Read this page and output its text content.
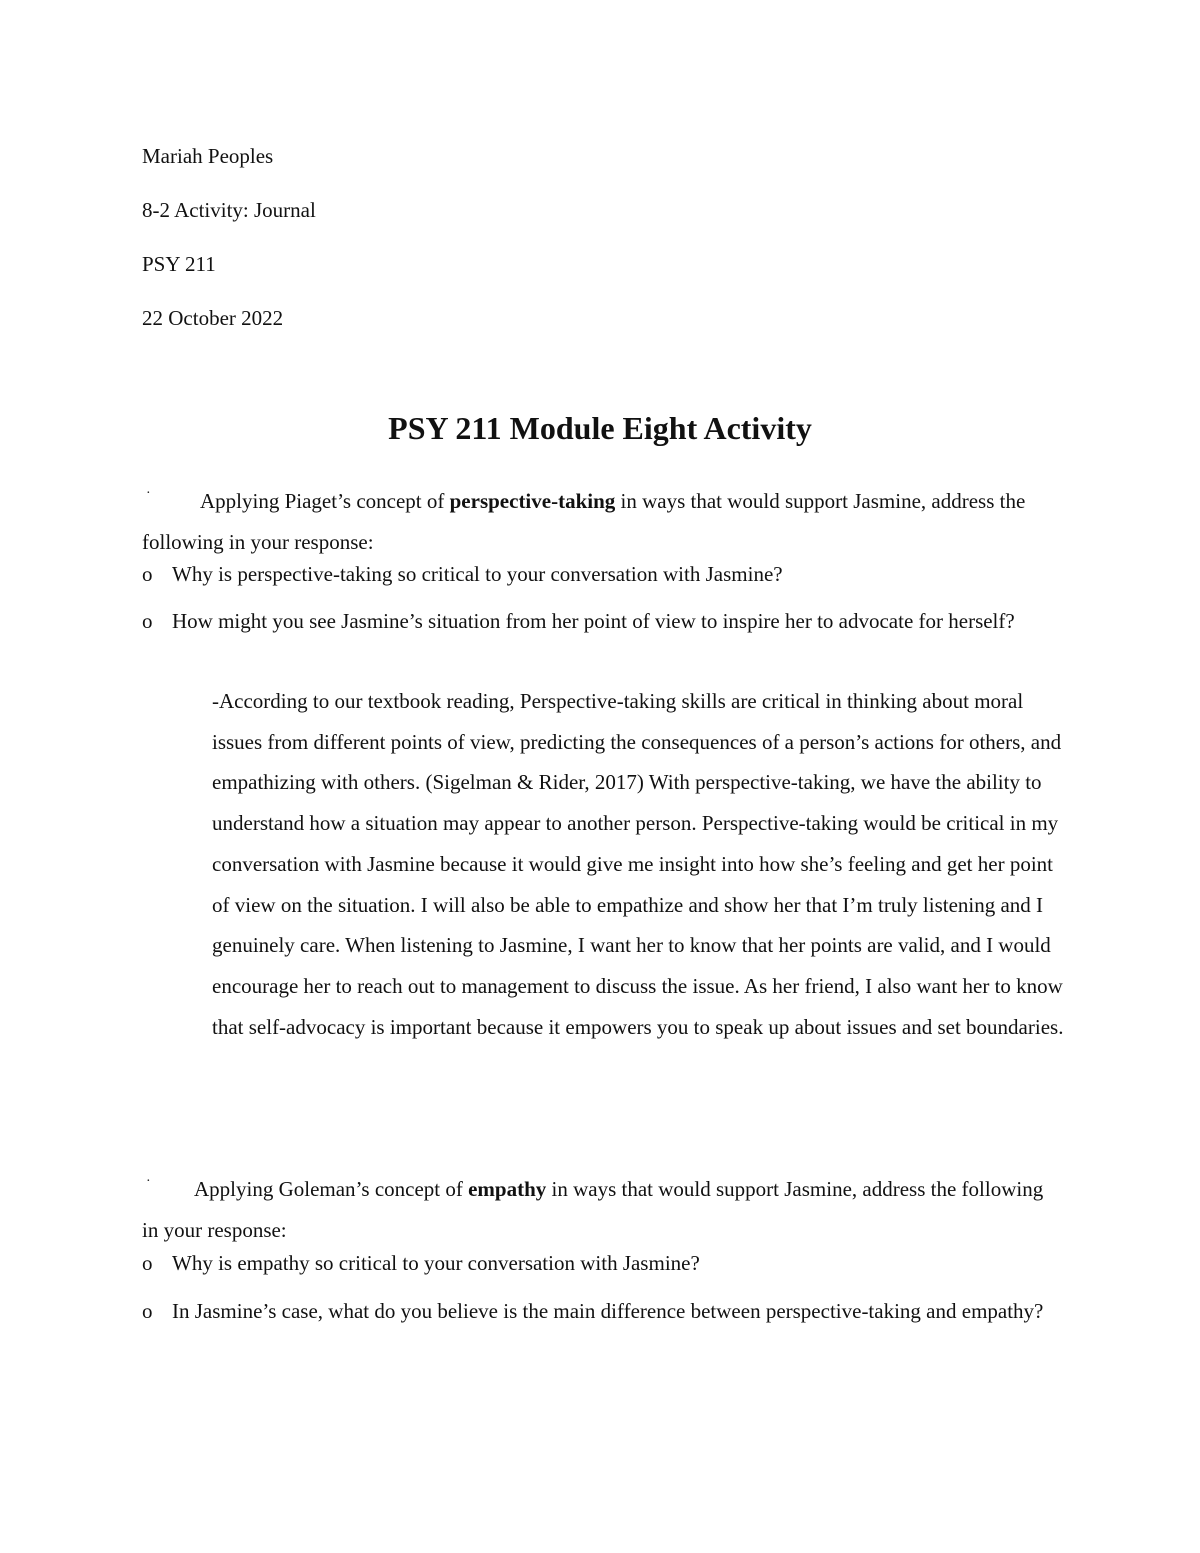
Mariah Peoples

8-2 Activity: Journal

PSY 211

22 October 2022

PSY 211 Module Eight Activity
·	Applying Piaget’s concept of perspective-taking in ways that would support Jasmine, address the following in your response:

o Why is perspective-taking so critical to your conversation with Jasmine?

o How might you see Jasmine’s situation from her point of view to inspire her to advocate for herself?

-According to our textbook reading, Perspective-taking skills are critical in thinking about moral issues from different points of view, predicting the consequences of a person’s actions for others, and empathizing with others. (Sigelman & Rider, 2017) With perspective-taking, we have the ability to understand how a situation may appear to another person. Perspective-taking would be critical in my conversation with Jasmine because it would give me insight into how she’s feeling and get her point of view on the situation. I will also be able to empathize and show her that I’m truly listening and I genuinely care. When listening to Jasmine, I want her to know that her points are valid, and I would encourage her to reach out to management to discuss the issue. As her friend, I also want her to know that self-advocacy is important because it empowers you to speak up about issues and set boundaries.

·	Applying Goleman’s concept of empathy in ways that would support Jasmine, address the following in your response:

o Why is empathy so critical to your conversation with Jasmine?

o In Jasmine’s case, what do you believe is the main difference between perspective-taking and empathy?
